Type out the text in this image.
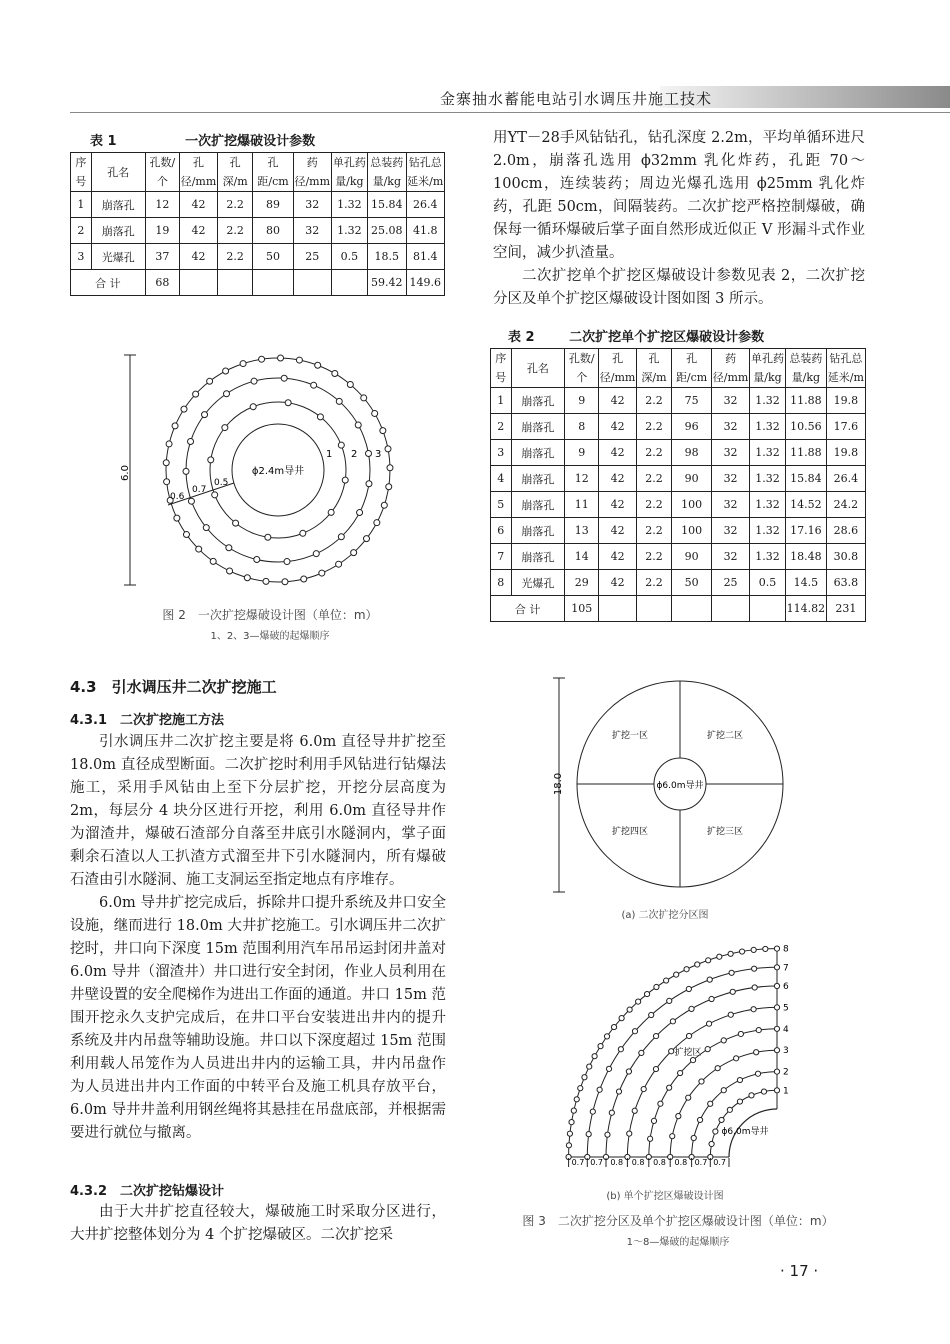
金寨抽水蓄能电站引水调压井施工技术
表 1	一次扩挖爆破设计参数
序号	孔名	孔数/个	孔径/mm	孔深/m	孔距/cm	药径/mm	单孔药量/kg	总装药量/kg	钻孔总延米/m
1	崩落孔	12	42	2.2	89	32	1.32	15.84	26.4
2	崩落孔	19	42	2.2	80	32	1.32	25.08	41.8
3	光爆孔	37	42	2.2	50	25	0.5	18.5	81.4
合 计		68						59.42	149.6
6.0	ϕ2.4m导井
1 2 3
0.6
0.7
0.5
图 2　一次扩挖爆破设计图（单位：m）
1、2、3—爆破的起爆顺序
4.3　引水调压井二次扩挖施工
4.3.1　二次扩挖施工方法

引水调压井二次扩挖主要是将 6.0m 直径导井扩挖至 18.0m 直径成型断面。二次扩挖时利用手风钻进行钻爆法施工，采用手风钻由上至下分层扩挖，开挖分层高度为 2m，每层分 4 块分区进行开挖，利用 6.0m 直径导井作为溜渣井，爆破石渣部分自落至井底引水隧洞内，掌子面剩余石渣以人工扒渣方式溜至井下引水隧洞内，所有爆破石渣由引水隧洞、施工支洞运至指定地点有序堆存。

6.0m 导井扩挖完成后，拆除井口提升系统及井口安全设施，继而进行 18.0m 大井扩挖施工。引水调压井二次扩挖时，井口向下深度 15m 范围利用汽车吊吊运封闭井盖对 6.0m 导井（溜渣井）井口进行安全封闭，作业人员利用在井壁设置的安全爬梯作为进出工作面的通道。井口 15m 范围开挖永久支护完成后，在井口平台安装进出井内的提升系统及井内吊盘等辅助设施。井口以下深度超过 15m 范围利用载人吊笼作为人员进出井内的运输工具，井内吊盘作为人员进出井内工作面的中转平台及施工机具存放平台，6.0m 导井井盖利用钢丝绳将其悬挂在吊盘底部，并根据需要进行就位与撤离。

4.3.2　二次扩挖钻爆设计

由于大井扩挖直径较大，爆破施工时采取分区进行，大井扩挖整体划分为 4 个扩挖爆破区。二次扩挖采

用YT－28手风钻钻孔，钻孔深度 2.2m，平均单循环进尺 2.0m，崩落孔选用 ϕ32mm 乳化炸药，孔距 70～100cm，连续装药；周边光爆孔选用 ϕ25mm 乳化炸药，孔距 50cm，间隔装药。二次扩挖严格控制爆破，确保每一循环爆破后掌子面自然形成近似正 V 形漏斗式作业空间，减少扒渣量。

二次扩挖单个扩挖区爆破设计参数见表 2，二次扩挖分区及单个扩挖区爆破设计图如图 3 所示。

表 2	二次扩挖单个扩挖区爆破设计参数
序号	孔名	孔数/个	孔径/mm	孔深/m	孔距/cm	药径/mm	单孔药量/kg	总装药量/kg	钻孔总延米/m
1	崩落孔	9	42	2.2	75	32	1.32	11.88	19.8
2	崩落孔	8	42	2.2	96	32	1.32	10.56	17.6
3	崩落孔	9	42	2.2	98	32	1.32	11.88	19.8
4	崩落孔	12	42	2.2	90	32	1.32	15.84	26.4
5	崩落孔	11	42	2.2	100	32	1.32	14.52	24.2
6	崩落孔	13	42	2.2	100	32	1.32	17.16	28.6
7	崩落孔	14	42	2.2	90	32	1.32	18.48	30.8
8	光爆孔	29	42	2.2	50	25	0.5	14.5	63.8
合 计		105						114.82	231
18.0	ϕ6.0m导井
扩挖一区	扩挖二区
扩挖三区
扩挖四区
(a) 二次扩挖分区图
1
2
3
4
5
6
7
8
0.7 0.7 0.8 0.8 0.8 0.8 0.7 0.7
扩挖区
ϕ6.0m导井
(b) 单个扩挖区爆破设计图
图 3　二次扩挖分区及单个扩挖区爆破设计图（单位：m）
1～8—爆破的起爆顺序
· 17 ·
